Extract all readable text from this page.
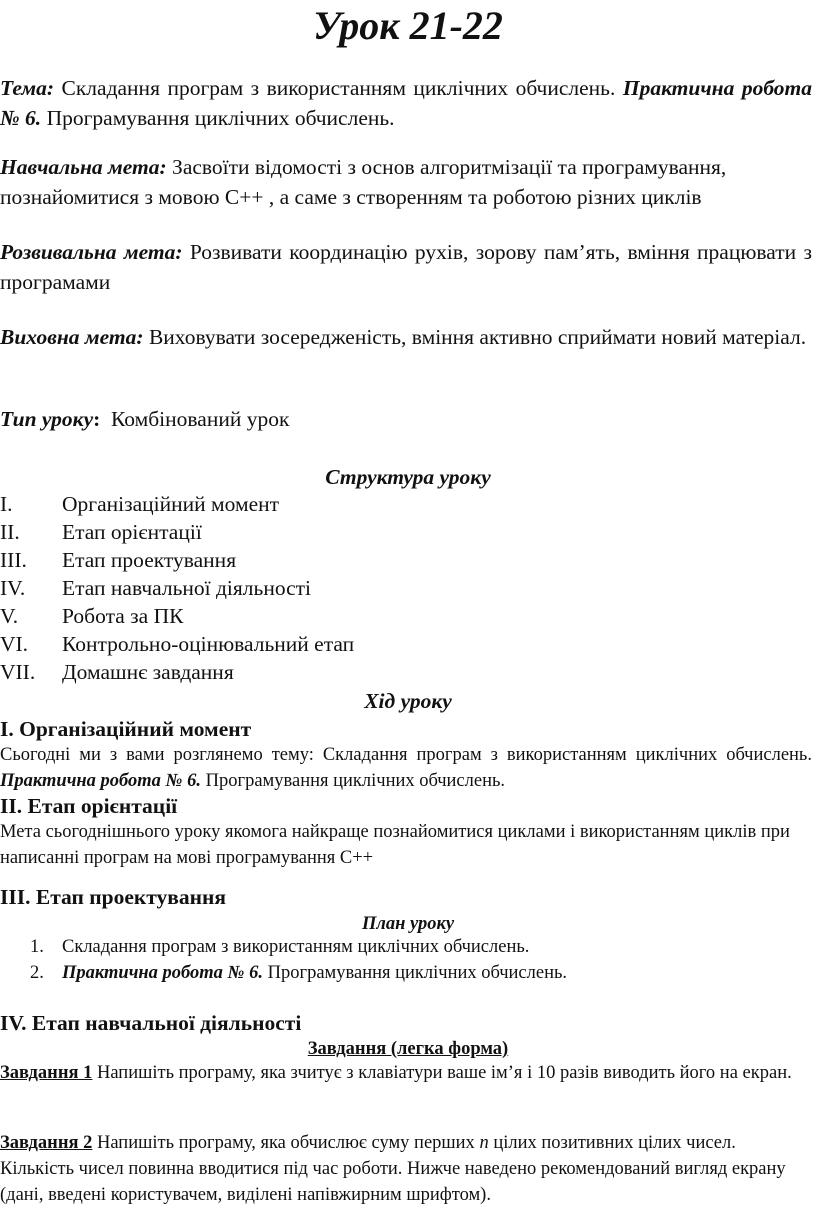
Урок 21-22
Тема: Складання програм з використанням циклічних обчислень. Практична робота № 6. Програмування циклічних обчислень.
Навчальна мета: Засвоїти відомості з основ алгоритмізації та програмування, познайомитися з мовою С++ , а саме з створенням та роботою різних циклів
Розвивальна мета: Розвивати координацію рухів, зорову пам’ять, вміння працювати з програмами
Виховна мета: Виховувати зосередженість, вміння активно сприймати новий матеріал.
Тип уроку: Комбінований урок
Структура уроку
I. Організаційний момент
II. Етап орієнтації
III. Етап проектування
IV. Етап навчальної діяльності
V. Робота за ПК
VI. Контрольно-оцінювальний етап
VII. Домашнє завдання
Хід уроку
I. Організаційний момент
Сьогодні ми з вами розглянемо тему: Складання програм з використанням циклічних обчислень. Практична робота № 6. Програмування циклічних обчислень.
II. Етап орієнтації
Мета сьогоднішнього уроку якомога найкраще познайомитися циклами і використанням циклів при написанні програм на мові програмування С++
III. Етап проектування
План уроку
1. Складання програм з використанням циклічних обчислень.
2. Практична робота № 6. Програмування циклічних обчислень.
IV. Етап навчальної діяльності
Завдання (легка форма)
Завдання 1 Напишіть програму, яка зчитує з клавіатури ваше ім’я і 10 разів виводить його на екран.
Завдання 2 Напишіть програму, яка обчислює суму перших n цілих позитивних цілих чисел. Кількість чисел повинна вводитися під час роботи. Нижче наведено рекомендований вигляд екрану (дані, введені користувачем, виділені напівжирним шрифтом).
